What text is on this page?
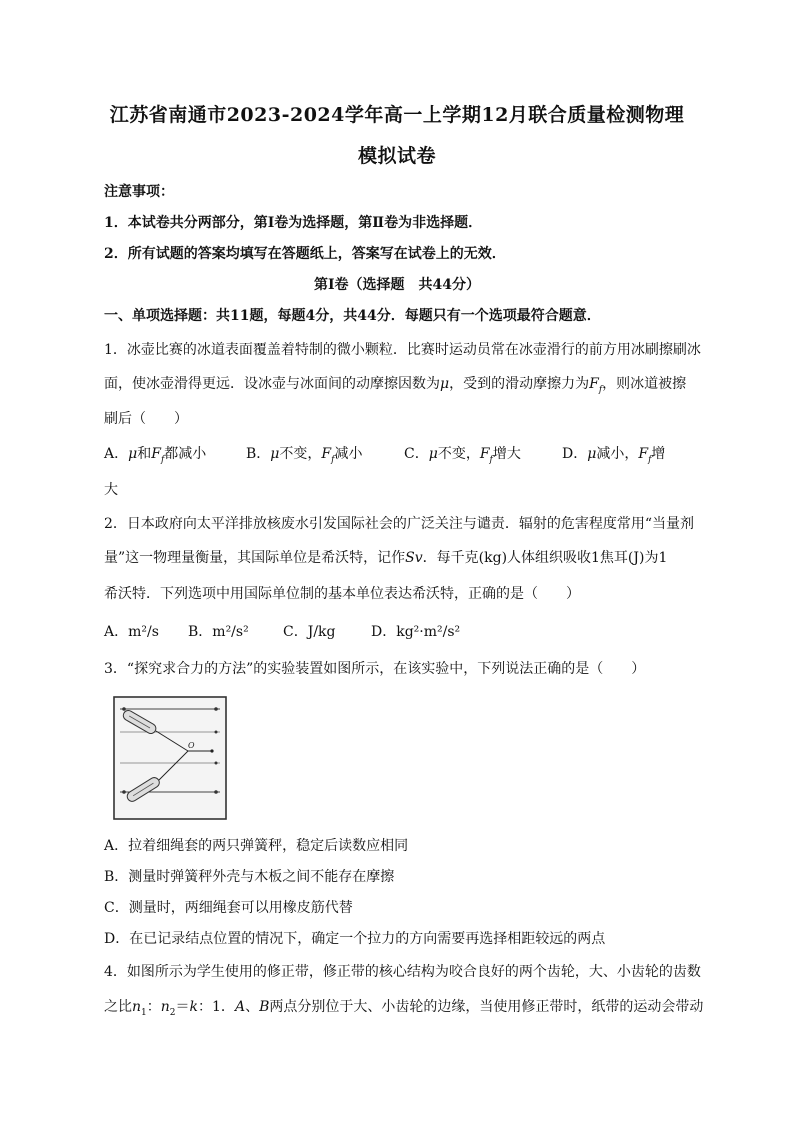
江苏省南通市2023-2024学年高一上学期12月联合质量检测物理
模拟试卷
注意事项：
1．本试卷共分两部分，第Ⅰ卷为选择题，第Ⅱ卷为非选择题．
2．所有试题的答案均填写在答题纸上，答案写在试卷上的无效．
第Ⅰ卷（选择题　共44分）
一、单项选择题：共11题，每题4分，共44分．每题只有一个选项最符合题意．
1．冰壶比赛的冰道表面覆盖着特制的微小颗粒．比赛时运动员常在冰壶滑行的前方用冰刷擦刷冰
面，使冰壶滑得更远．设冰壶与冰面间的动摩擦因数为μ，受到的滑动摩擦力为$F_f$，则冰道被擦
刷后（　　）
A．μ和$F_f$都减小	B．μ不变，$F_f$减小	C．μ不变，$F_f$增大	D．μ减小，$F_f$增
大
2．日本政府向太平洋排放核废水引发国际社会的广泛关注与谴责．辐射的危害程度常用“当量剂
量”这一物理量衡量，其国际单位是希沃特，记作Sv．每千克(kg)人体组织吸收1焦耳(J)为1
希沃特．下列选项中用国际单位制的基本单位表达希沃特，正确的是（　　）
A．m²/s B．m²/s² C．J/kg	D．kg²·m²/s²
3．“探究求合力的方法”的实验装置如图所示，在该实验中，下列说法正确的是（　　）
O
A．拉着细绳套的两只弹簧秤，稳定后读数应相同
B．测量时弹簧秤外壳与木板之间不能存在摩擦
C．测量时，两细绳套可以用橡皮筋代替
D．在已记录结点位置的情况下，确定一个拉力的方向需要再选择相距较远的两点
4．如图所示为学生使用的修正带，修正带的核心结构为咬合良好的两个齿轮，大、小齿轮的齿数
之比$n_1$：$n_2=k$：1．A、B两点分别位于大、小齿轮的边缘，当使用修正带时，纸带的运动会带动
